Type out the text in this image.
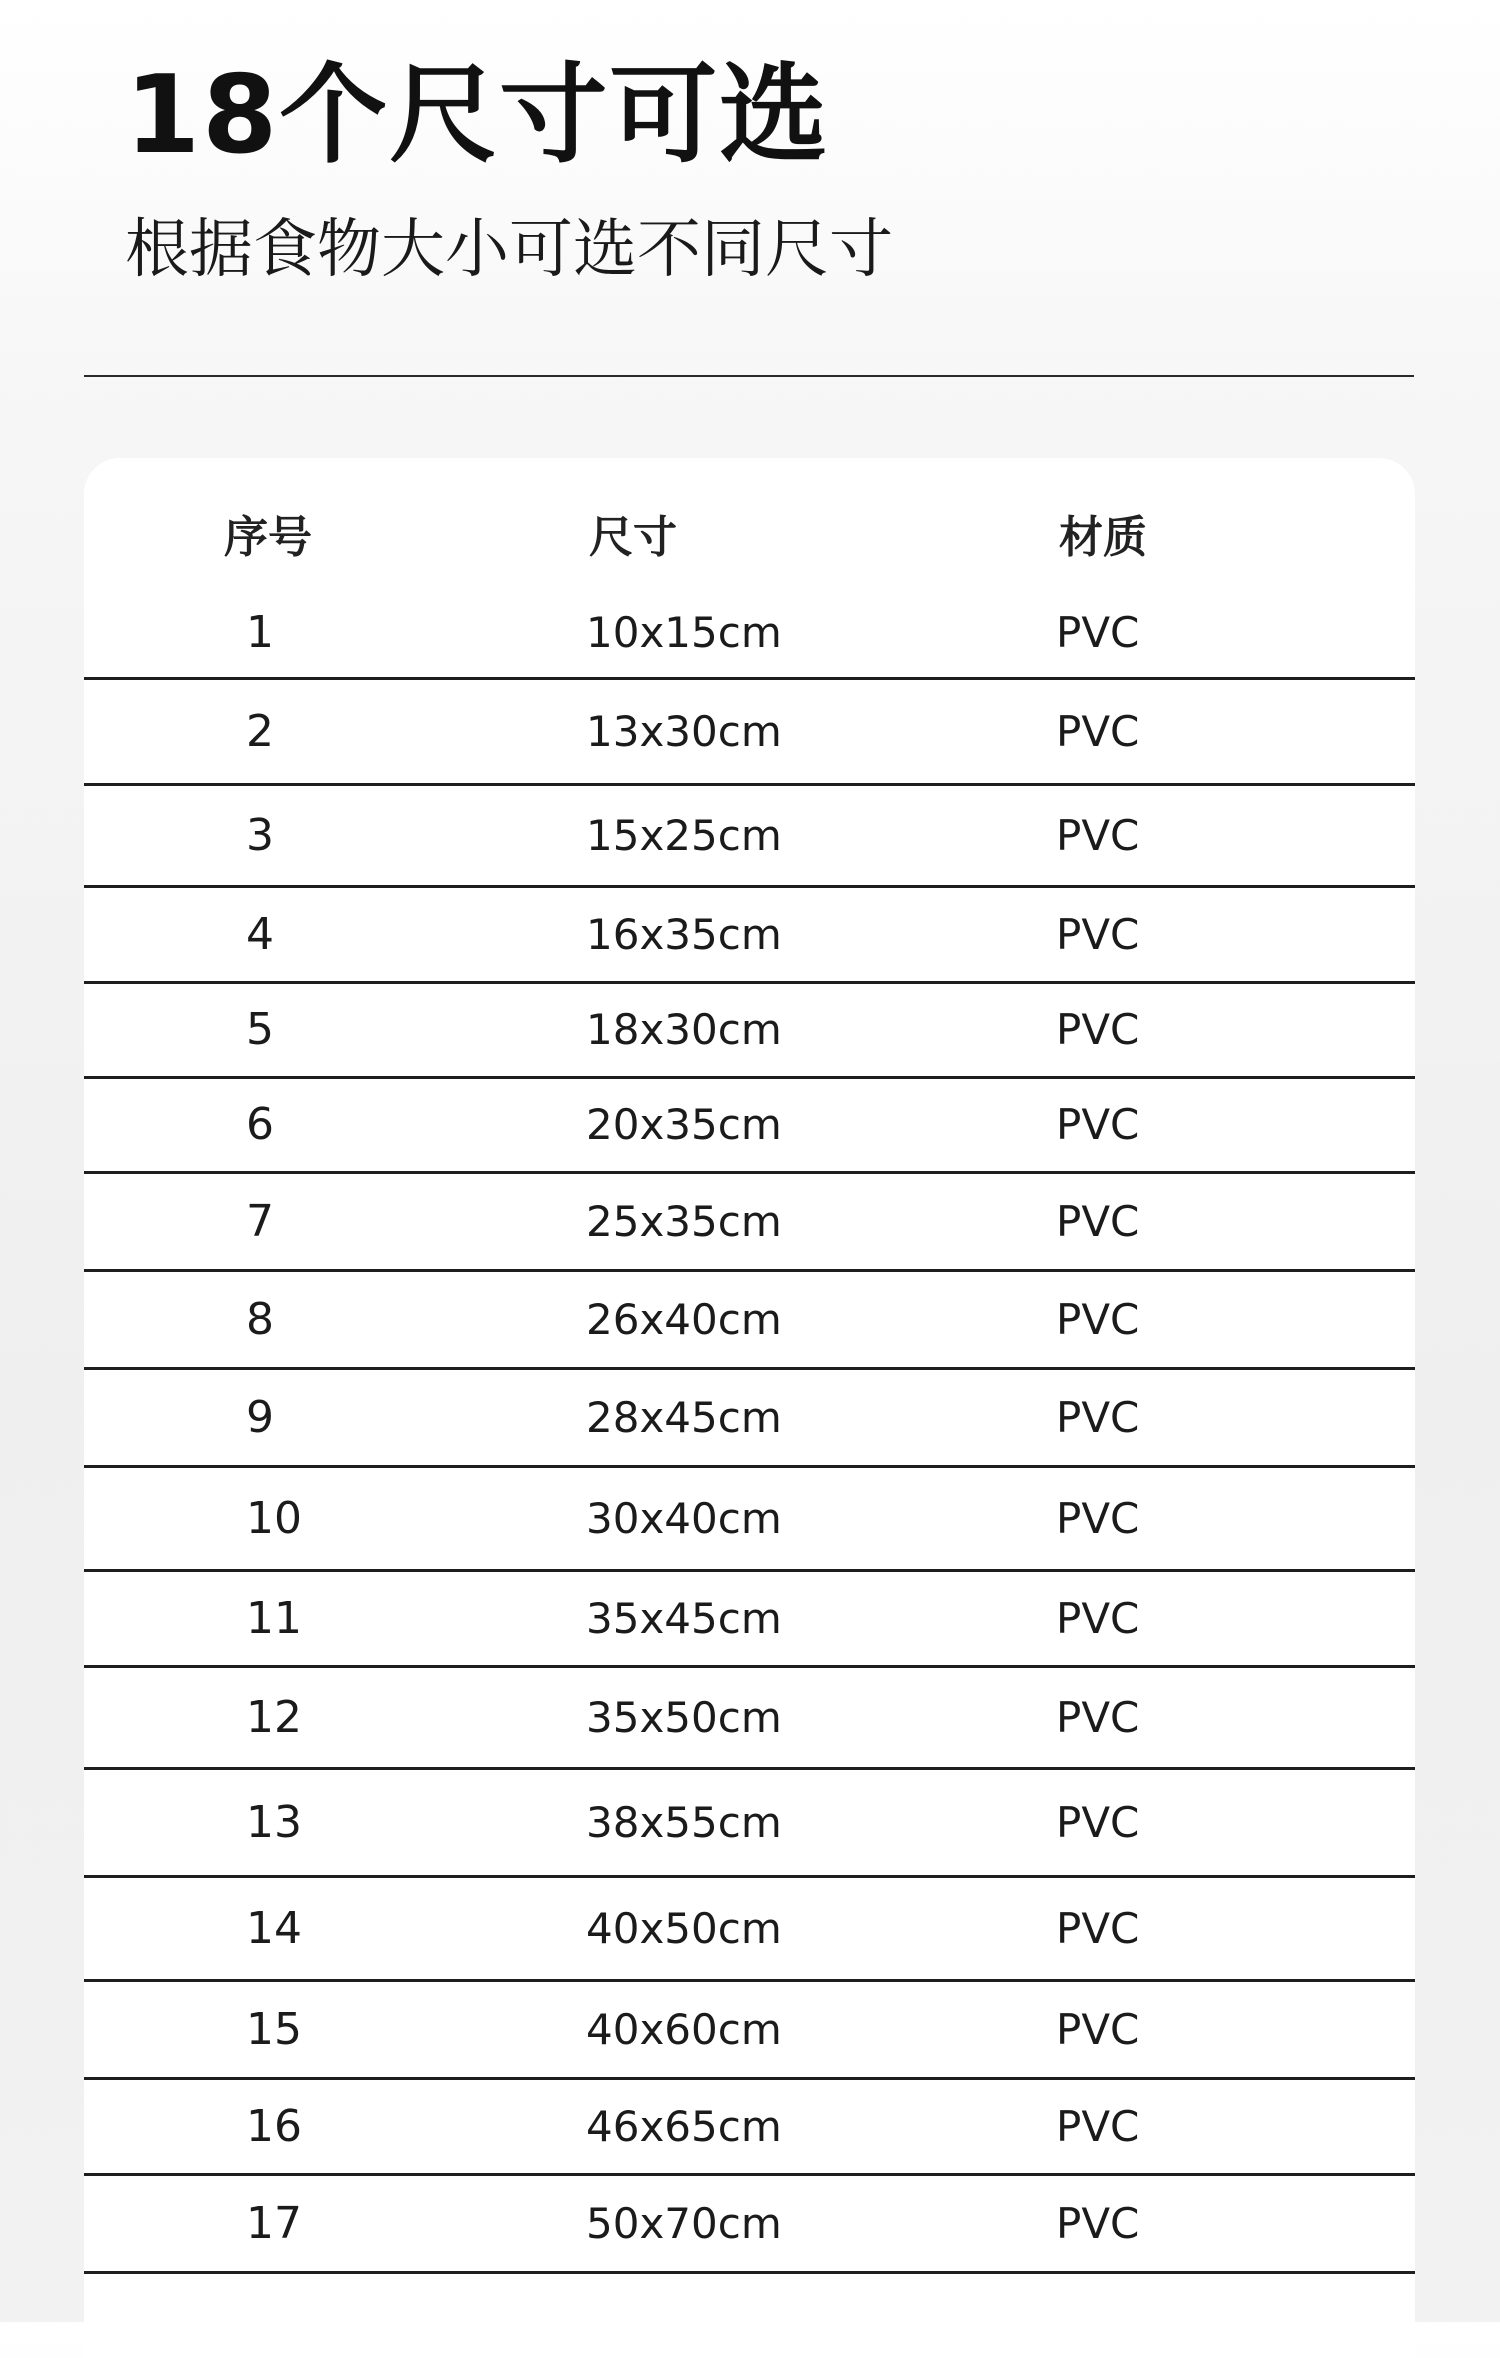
18个尺寸可选
根据食物大小可选不同尺寸
序号	尺寸	材质
1	10x15cm	PVC
2	13x30cm	PVC
3	15x25cm	PVC
4	16x35cm	PVC
5	18x30cm	PVC
6	20x35cm	PVC
7	25x35cm	PVC
8	26x40cm	PVC
9	28x45cm	PVC
10	30x40cm	PVC
11	35x45cm	PVC
12	35x50cm	PVC
13	38x55cm	PVC
14	40x50cm	PVC
15	40x60cm	PVC
16	46x65cm	PVC
17	50x70cm	PVC
